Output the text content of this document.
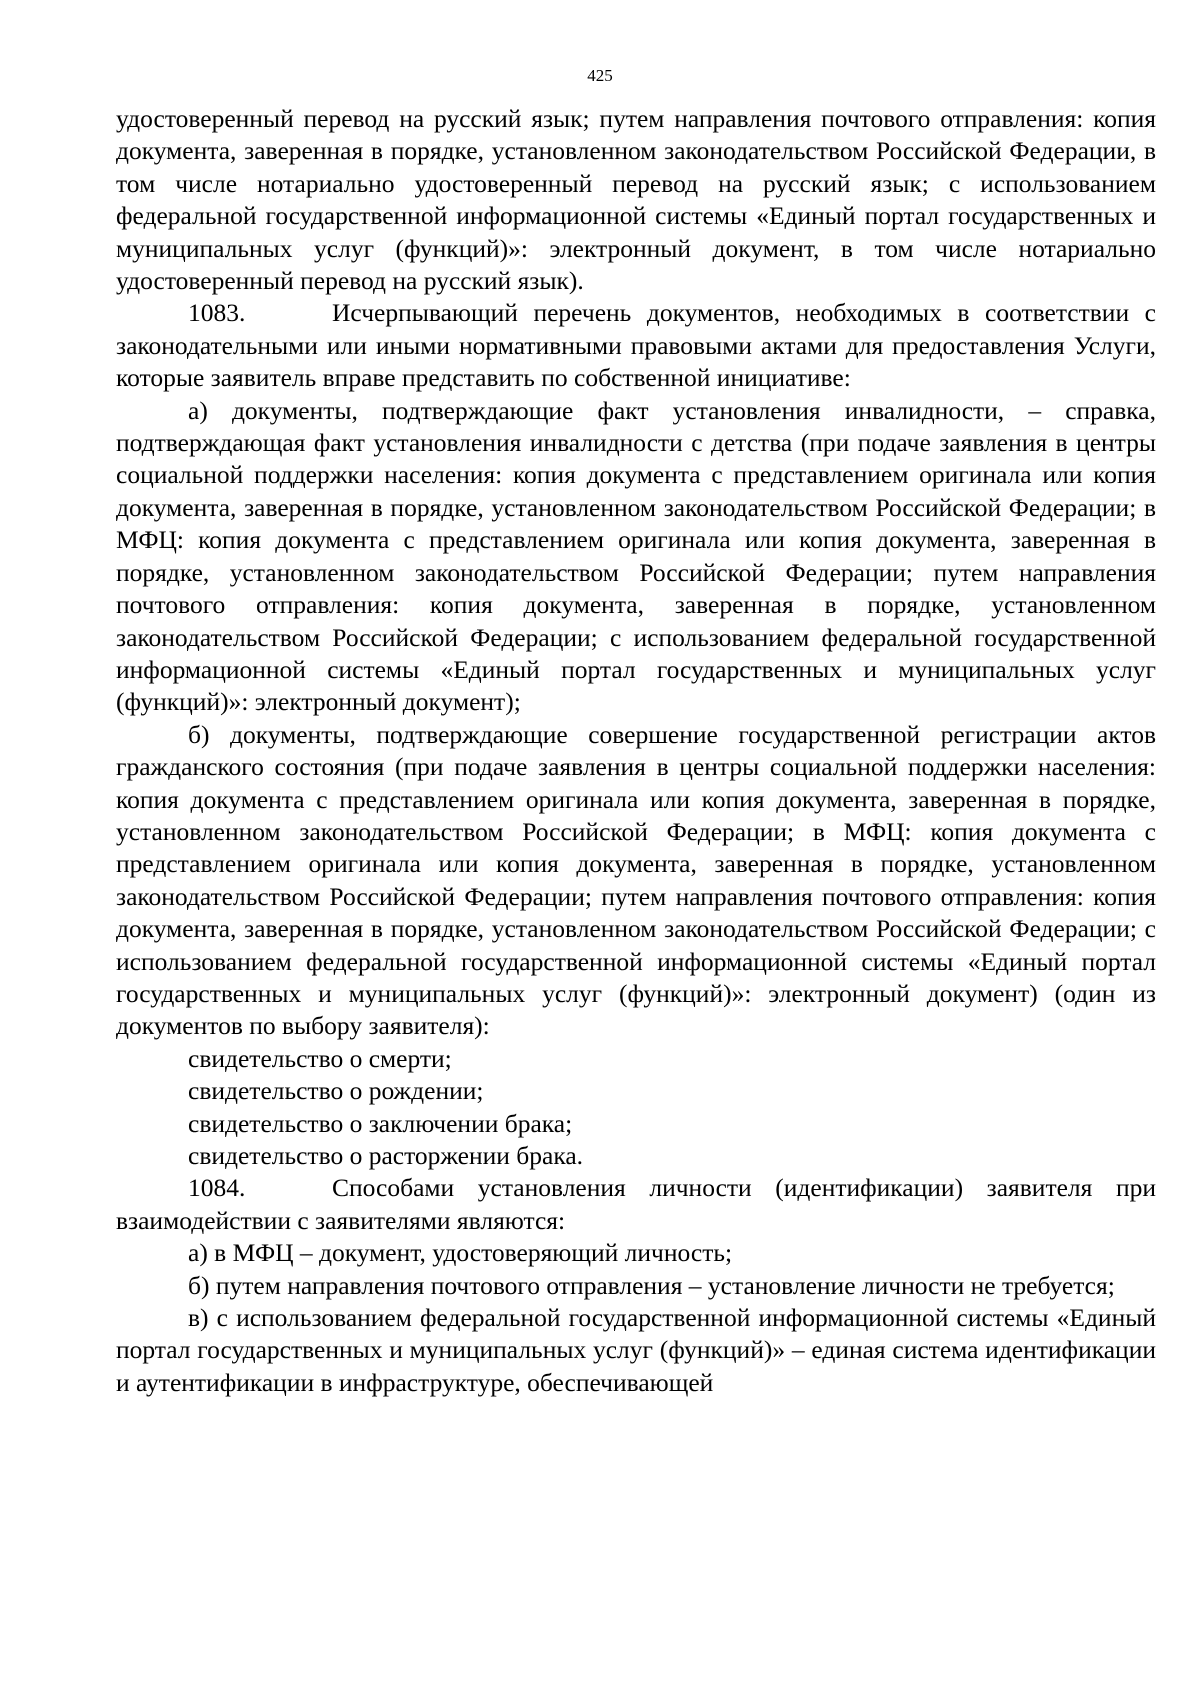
425

удостоверенный перевод на русский язык; путем направления почтового отправления: копия документа, заверенная в порядке, установленном законодательством Российской Федерации, в том числе нотариально удостоверенный перевод на русский язык; с использованием федеральной государственной информационной системы «Единый портал государственных и муниципальных услуг (функций)»: электронный документ, в том числе нотариально удостоверенный перевод на русский язык).

1083.	Исчерпывающий перечень документов, необходимых в соответствии с законодательными или иными нормативными правовыми актами для предоставления Услуги, которые заявитель вправе представить по собственной инициативе:

а) документы, подтверждающие факт установления инвалидности, – справка, подтверждающая факт установления инвалидности с детства (при подаче заявления в центры социальной поддержки населения: копия документа с представлением оригинала или копия документа, заверенная в порядке, установленном законодательством Российской Федерации; в МФЦ: копия документа с представлением оригинала или копия документа, заверенная в порядке, установленном законодательством Российской Федерации; путем направления почтового отправления: копия документа, заверенная в порядке, установленном законодательством Российской Федерации; с использованием федеральной государственной информационной системы «Единый портал государственных и муниципальных услуг (функций)»: электронный документ);

б) документы, подтверждающие совершение государственной регистрации актов гражданского состояния (при подаче заявления в центры социальной поддержки населения: копия документа с представлением оригинала или копия документа, заверенная в порядке, установленном законодательством Российской Федерации; в МФЦ: копия документа с представлением оригинала или копия документа, заверенная в порядке, установленном законодательством Российской Федерации; путем направления почтового отправления: копия документа, заверенная в порядке, установленном законодательством Российской Федерации; с использованием федеральной государственной информационной системы «Единый портал государственных и муниципальных услуг (функций)»: электронный документ) (один из документов по выбору заявителя):

свидетельство о смерти;

свидетельство о рождении;

свидетельство о заключении брака;

свидетельство о расторжении брака.

1084.	Способами установления личности (идентификации) заявителя при взаимодействии с заявителями являются:

а) в МФЦ – документ, удостоверяющий личность;

б) путем направления почтового отправления – установление личности не требуется;

в) с использованием федеральной государственной информационной системы «Единый портал государственных и муниципальных услуг (функций)» – единая система идентификации и аутентификации в инфраструктуре, обеспечивающей
